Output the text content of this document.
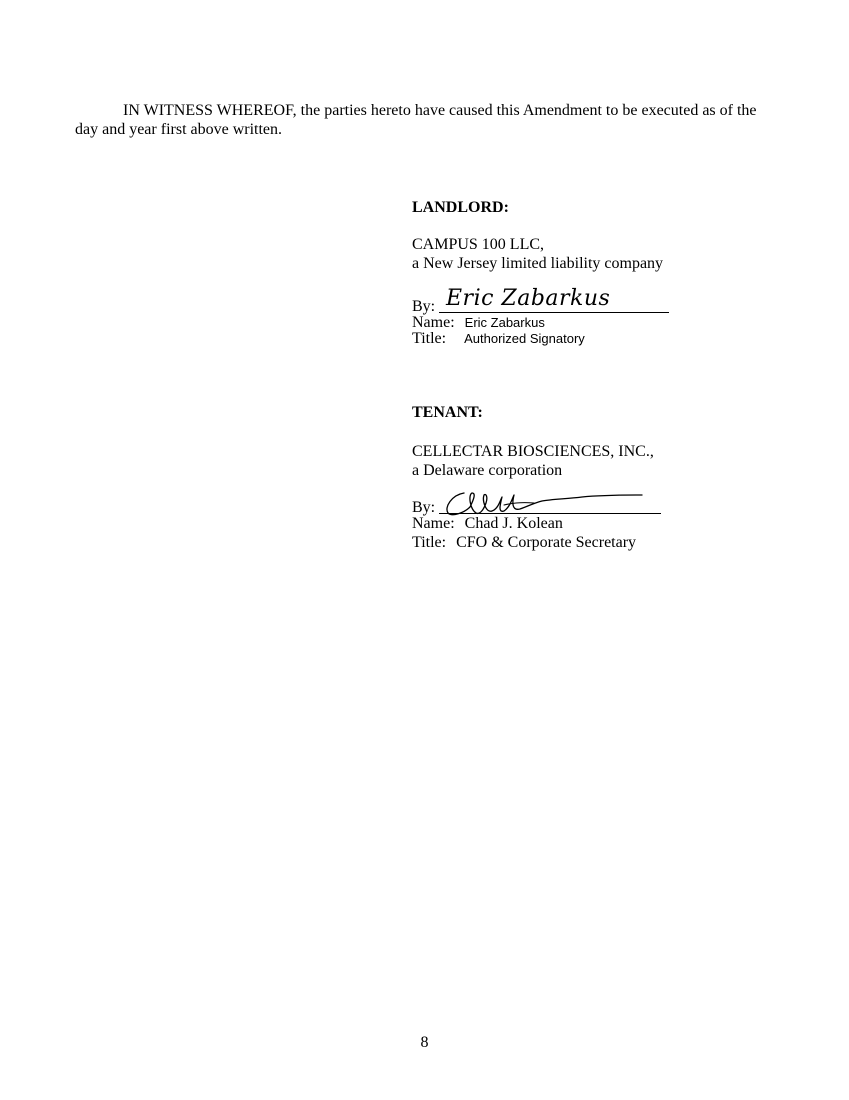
IN WITNESS WHEREOF, the parties hereto have caused this Amendment to be executed as of the day and year first above written.

LANDLORD:

CAMPUS 100 LLC,

a New Jersey limited liability company

By: Eric Zabarkus
Name: Eric Zabarkus
Title: Authorized Signatory

TENANT:

CELLECTAR BIOSCIENCES, INC.,

a Delaware corporation

By:
Name: Chad J. Kolean
Title: CFO & Corporate Secretary
8
